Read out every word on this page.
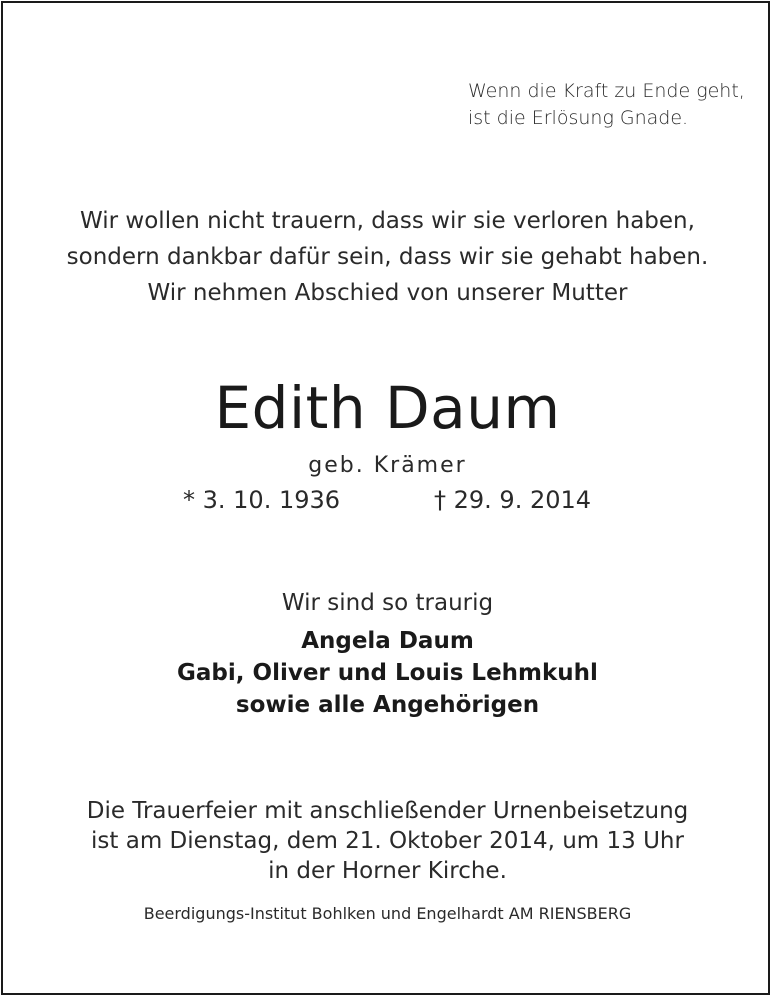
Wenn die Kraft zu Ende geht,
ist die Erlösung Gnade.
Wir wollen nicht trauern, dass wir sie verloren haben,
sondern dankbar dafür sein, dass wir sie gehabt haben.
Wir nehmen Abschied von unserer Mutter
Edith Daum
geb. Krämer
* 3. 10. 1936	† 29. 9. 2014
Wir sind so traurig
Angela Daum
Gabi, Oliver und Louis Lehmkuhl
sowie alle Angehörigen
Die Trauerfeier mit anschließender Urnenbeisetzung
ist am Dienstag, dem 21. Oktober 2014, um 13 Uhr
in der Horner Kirche.
Beerdigungs-Institut Bohlken und Engelhardt AM RIENSBERG
